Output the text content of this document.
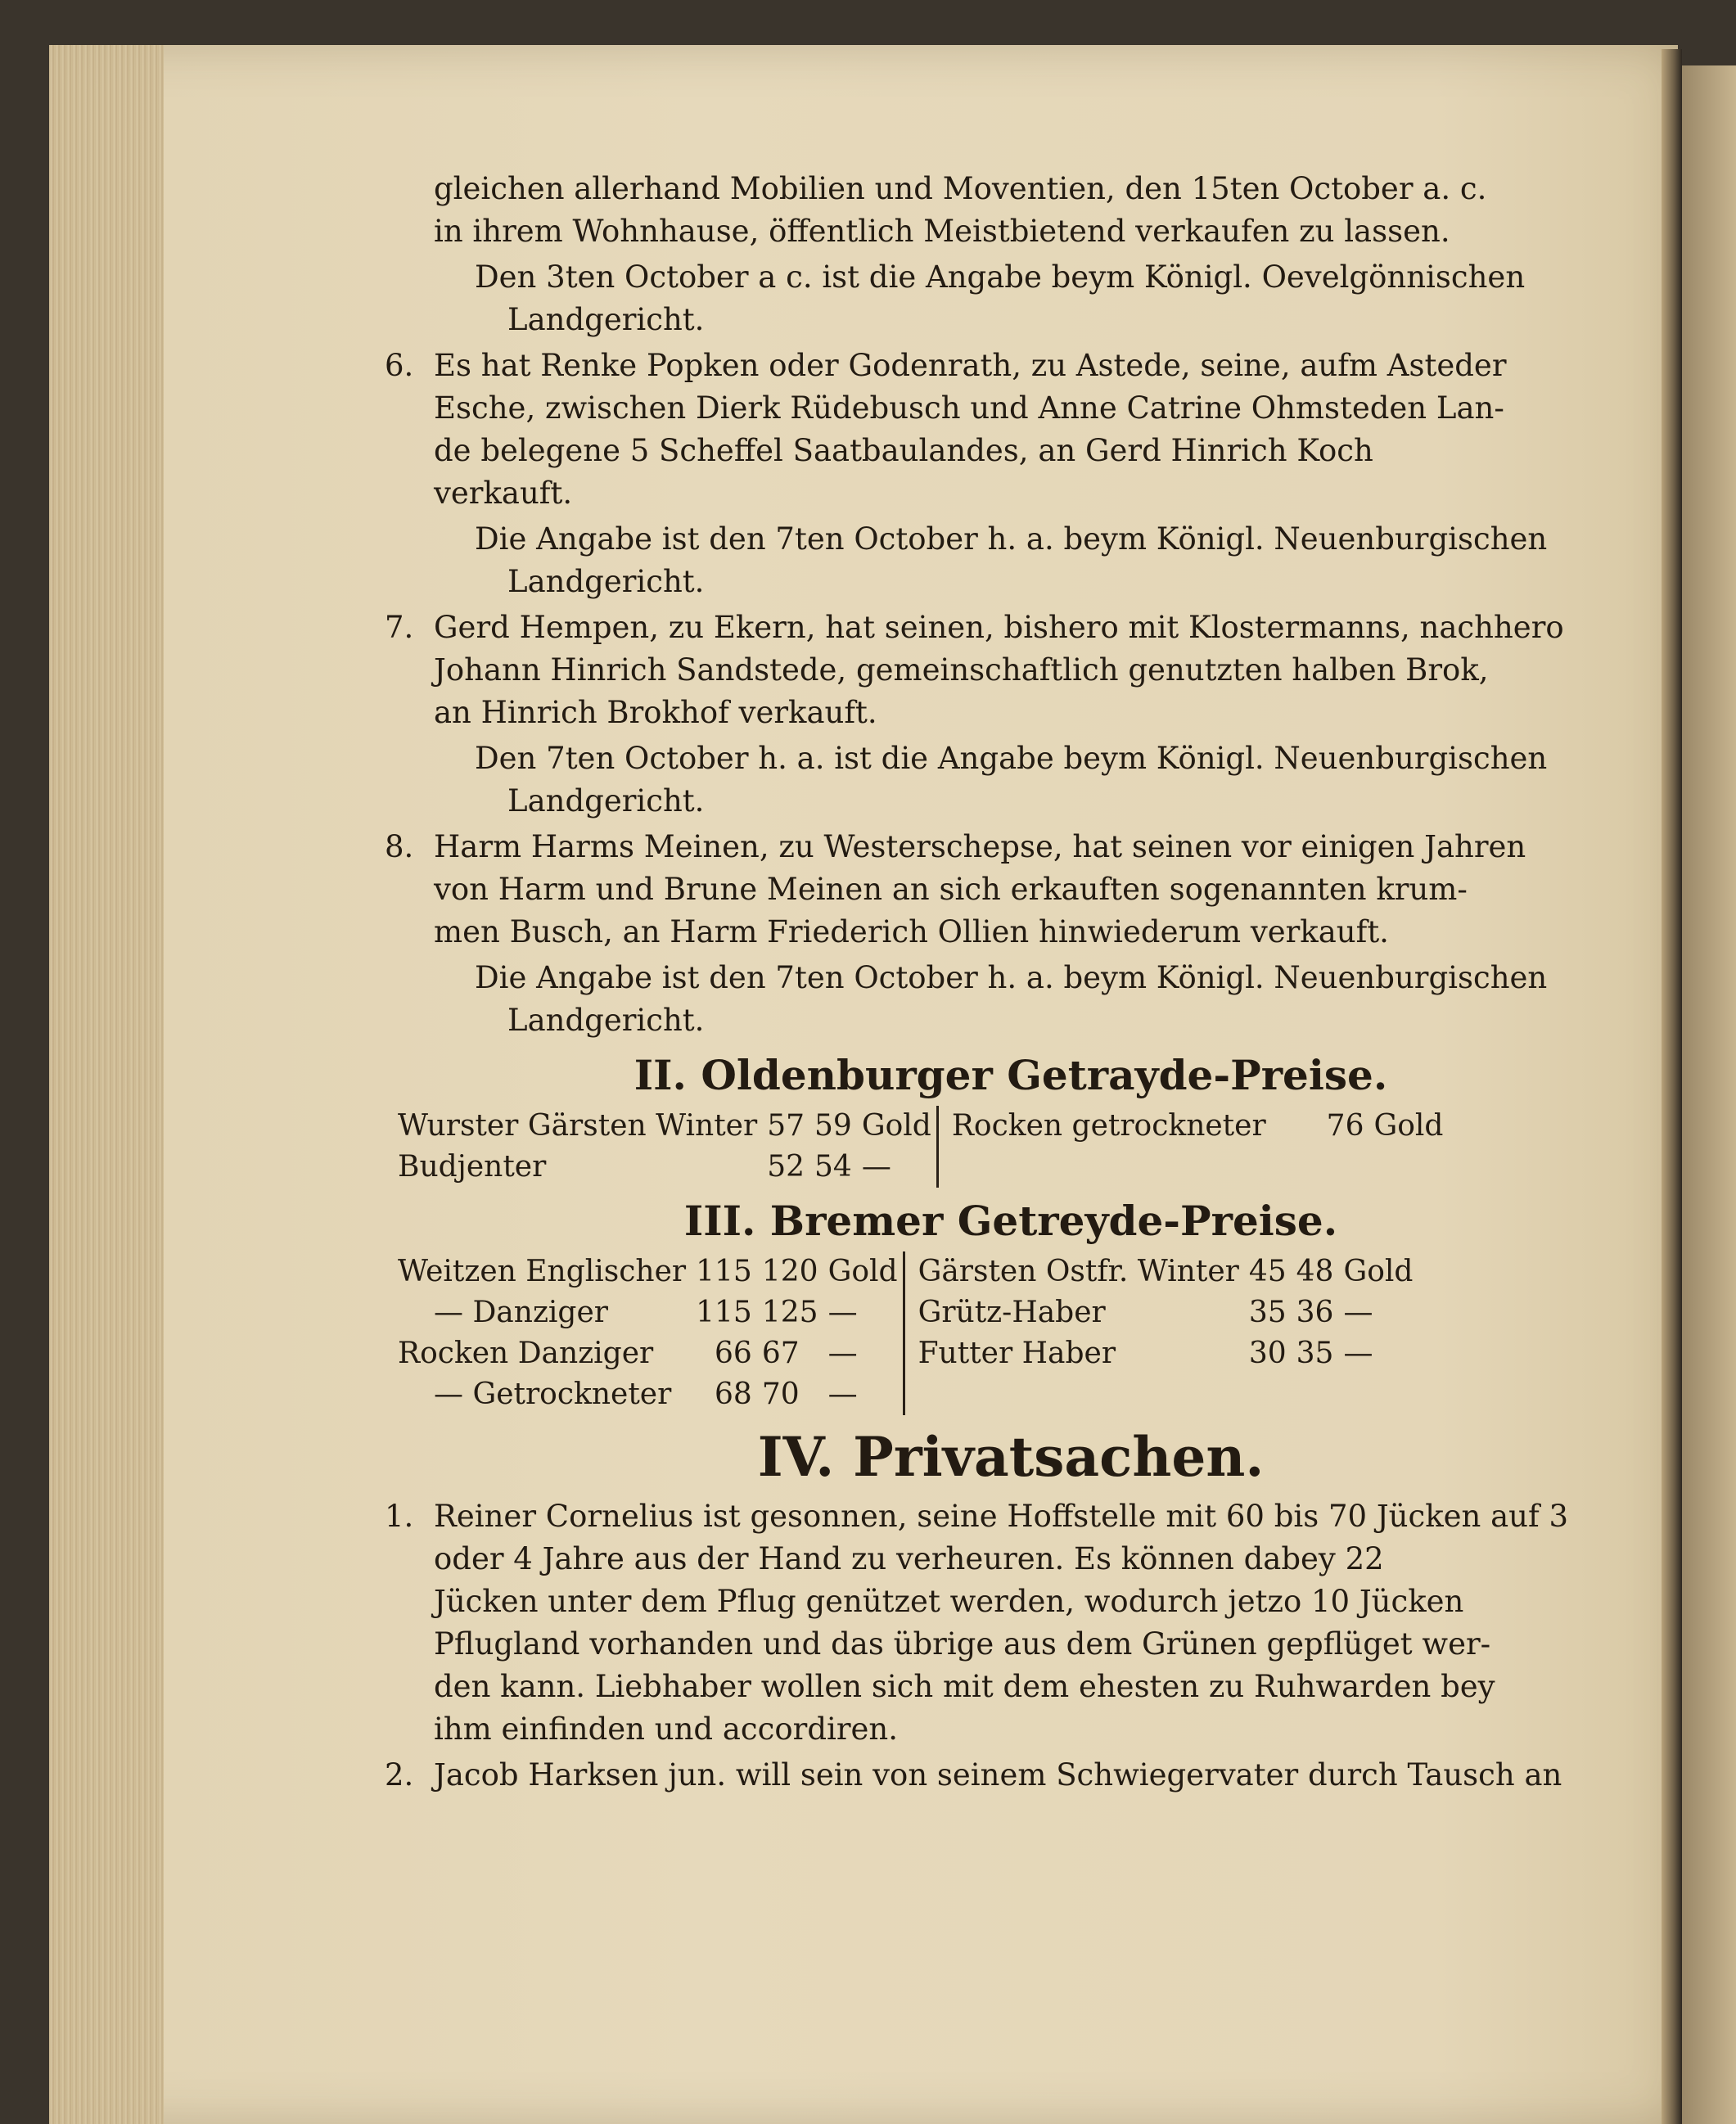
gleichen allerhand Mobilien und Moventien, den 15ten October a. c.
in ihrem Wohnhause, öffentlich Meistbietend verkaufen zu lassen.
Den 3ten October a c. ist die Angabe beym Königl. Oevelgönnischen
Landgericht.
6. Es hat Renke Popken oder Godenrath, zu Astede, seine, aufm Asteder
Esche, zwischen Dierk Rüdebusch und Anne Catrine Ohmsteden Lan-
de belegene 5 Scheffel Saatbaulandes, an Gerd Hinrich Koch
verkauft.
Die Angabe ist den 7ten October h. a. beym Königl. Neuenburgischen
Landgericht.
7. Gerd Hempen, zu Ekern, hat seinen, bishero mit Klostermanns, nachhero
Johann Hinrich Sandstede, gemeinschaftlich genutzten halben Brok,
an Hinrich Brokhof verkauft.
Den 7ten October h. a. ist die Angabe beym Königl. Neuenburgischen
Landgericht.
8. Harm Harms Meinen, zu Westerschepse, hat seinen vor einigen Jahren
von Harm und Brune Meinen an sich erkauften sogenannten krum-
men Busch, an Harm Friederich Ollien hinwiederum verkauft.
Die Angabe ist den 7ten October h. a. beym Königl. Neuenburgischen
Landgericht.
II. Oldenburger Getrayde-Preise.
Wurster Gärsten Winter	57	59	Gold		Rocken getrockneter		76	Gold
Budjenter	52	54	—					
III. Bremer Getreyde-Preise.
Weitzen Englischer	115	120	Gold		Gärsten Ostfr. Winter	45	48	Gold
— Danziger	115	125	—		Grütz-Haber	35	36	—
Rocken Danziger	66	67	—		Futter Haber	30	35	—
— Getrockneter	68	70	—					
IV. Privatsachen.
1. Reiner Cornelius ist gesonnen, seine Hoffstelle mit 60 bis 70 Jücken auf 3
oder 4 Jahre aus der Hand zu verheuren. Es können dabey 22
Jücken unter dem Pflug genützet werden, wodurch jetzo 10 Jücken
Pflugland vorhanden und das übrige aus dem Grünen gepflüget wer-
den kann. Liebhaber wollen sich mit dem ehesten zu Ruhwarden bey
ihm einfinden und accordiren.
2. Jacob Harksen jun. will sein von seinem Schwiegervater durch Tausch an
